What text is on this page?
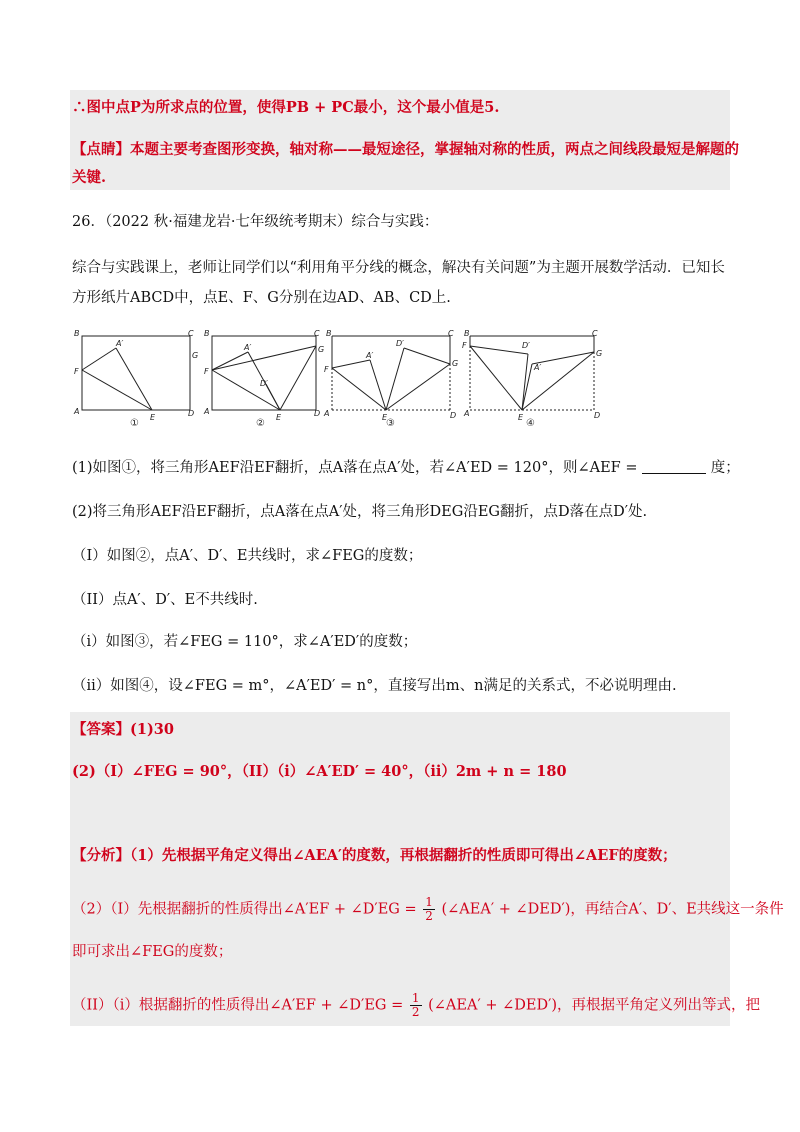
∴图中点P为所求点的位置，使得PB + PC最小，这个最小值是5.
【点睛】本题主要考查图形变换，轴对称——最短途径，掌握轴对称的性质，两点之间线段最短是解题的
关键.
26．（2022 秋·福建龙岩·七年级统考期末）综合与实践：
综合与实践课上，老师让同学们以“利用角平分线的概念，解决有关问题”为主题开展数学活动．已知长
方形纸片ABCD中，点E、F、G分别在边AD、AB、CD上.
B	C
A	D
F
G
A′
E
①
B	C
A	D
F
G
A′
D′
E
②
B	C
A	D
F
G
A′
D′
E
③
B	C
A	D
F
G
D′
A′
E
④
(1)如图①，将三角形AEF沿EF翻折，点A落在点A′处，若∠A′ED = 120°，则∠AEF =	度；
(2)将三角形AEF沿EF翻折，点A落在点A′处，将三角形DEG沿EG翻折，点D落在点D′处.
（I）如图②，点A′、D′、E共线时，求∠FEG的度数；
（II）点A′、D′、E不共线时.
（i）如图③，若∠FEG = 110°，求∠A′ED′的度数；
（ii）如图④，设∠FEG = m°，∠A′ED′ = n°，直接写出m、n满足的关系式，不必说明理由.
【答案】(1)30
(2)（I）∠FEG = 90°，（II）（i）∠A′ED′ = 40°，（ii）2m + n = 180
【分析】（1）先根据平角定义得出∠AEA′的度数，再根据翻折的性质即可得出∠AEF的度数；
（2）（I）先根据翻折的性质得出∠A′EF + ∠D′EG = $\frac{1}{2}$ (∠AEA′ + ∠DED′)，再结合A′、D′、E共线这一条件
即可求出∠FEG的度数；
（II）（i）根据翻折的性质得出∠A′EF + ∠D′EG = $\frac{1}{2}$ (∠AEA′ + ∠DED′)，再根据平角定义列出等式，把
